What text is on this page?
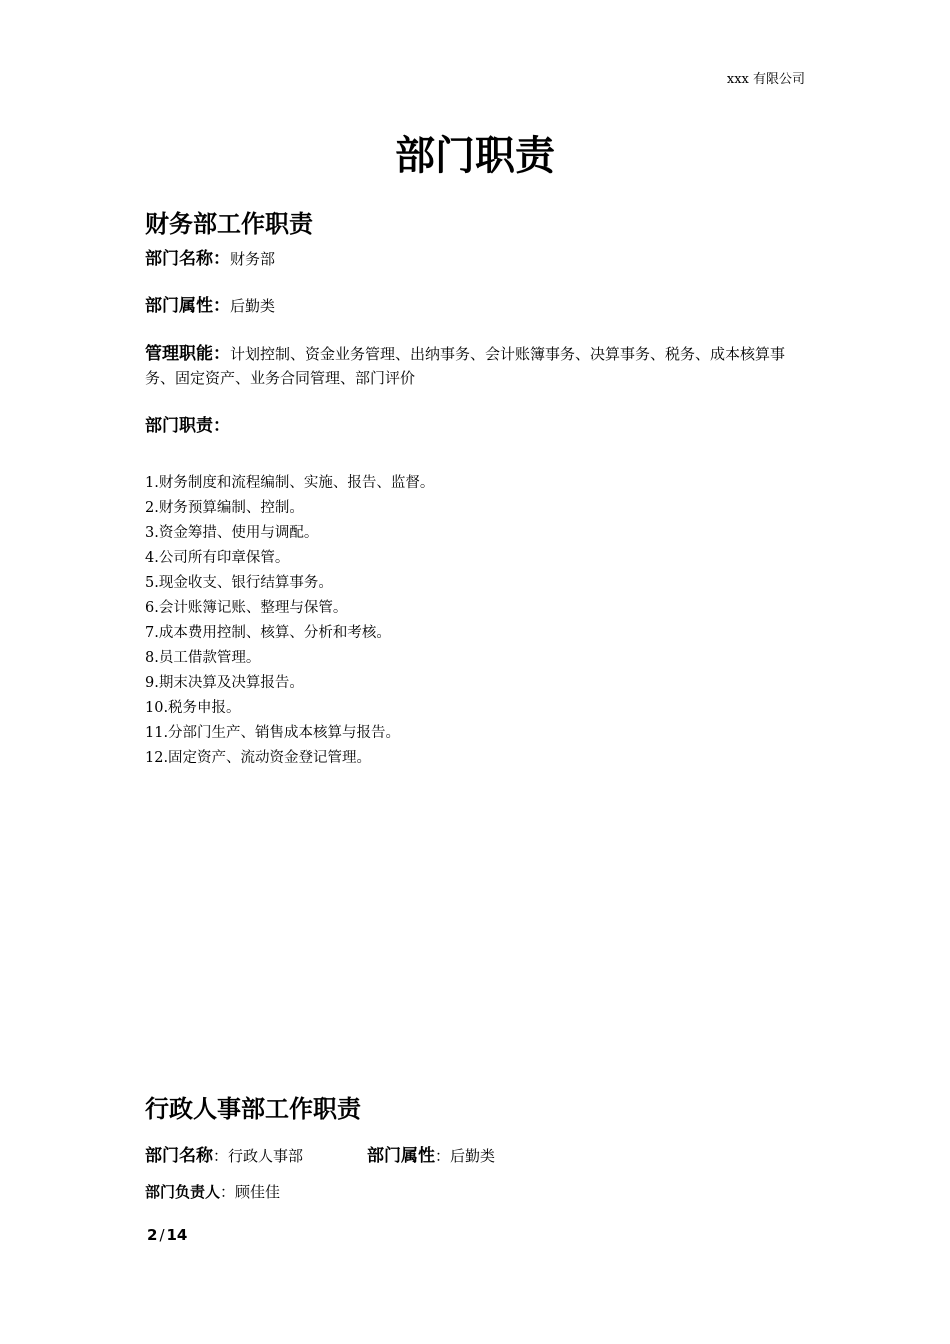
xxx 有限公司
部门职责
财务部工作职责
部门名称：财务部
部门属性：后勤类
管理职能：计划控制、资金业务管理、出纳事务、会计账簿事务、决算事务、税务、成本核算事务、固定资产、业务合同管理、部门评价
部门职责：
1.财务制度和流程编制、实施、报告、监督。
2.财务预算编制、控制。
3.资金筹措、使用与调配。
4.公司所有印章保管。
5.现金收支、银行结算事务。
6.会计账簿记账、整理与保管。
7.成本费用控制、核算、分析和考核。
8.员工借款管理。
9.期末决算及决算报告。
10.税务申报。
11.分部门生产、销售成本核算与报告。
12.固定资产、流动资金登记管理。
行政人事部工作职责
部门名称：行政人事部	部门属性：后勤类
部门负责人：顾佳佳
2 / 14
